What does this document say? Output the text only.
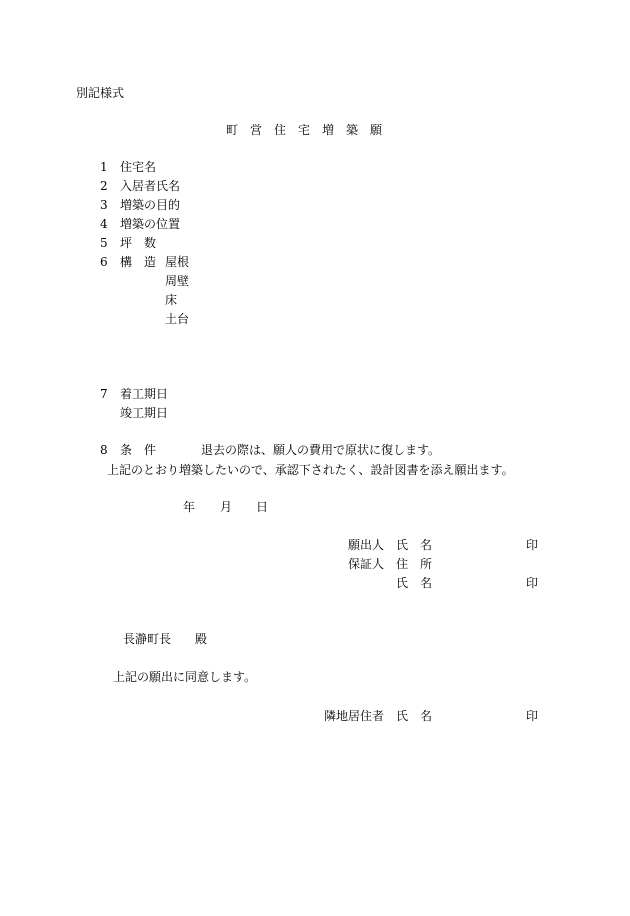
別記様式
町　営　住　宅　増　築　願
1 住宅名
2 入居者氏名
3 増築の目的
4 増築の位置
5 坪　数
6 構　造 屋根
周壁
床
土台
7 着工期日
竣工期日
8 条　件	退去の際は、願人の費用で原状に復します。
上記のとおり増築したいので、承認下されたく、設計図書を添え願出ます。
年 月 日
願出人 氏　名	印
保証人 住　所
氏　名	印
長瀞町長 殿
上記の願出に同意します。
隣地居住者 氏　名	印
